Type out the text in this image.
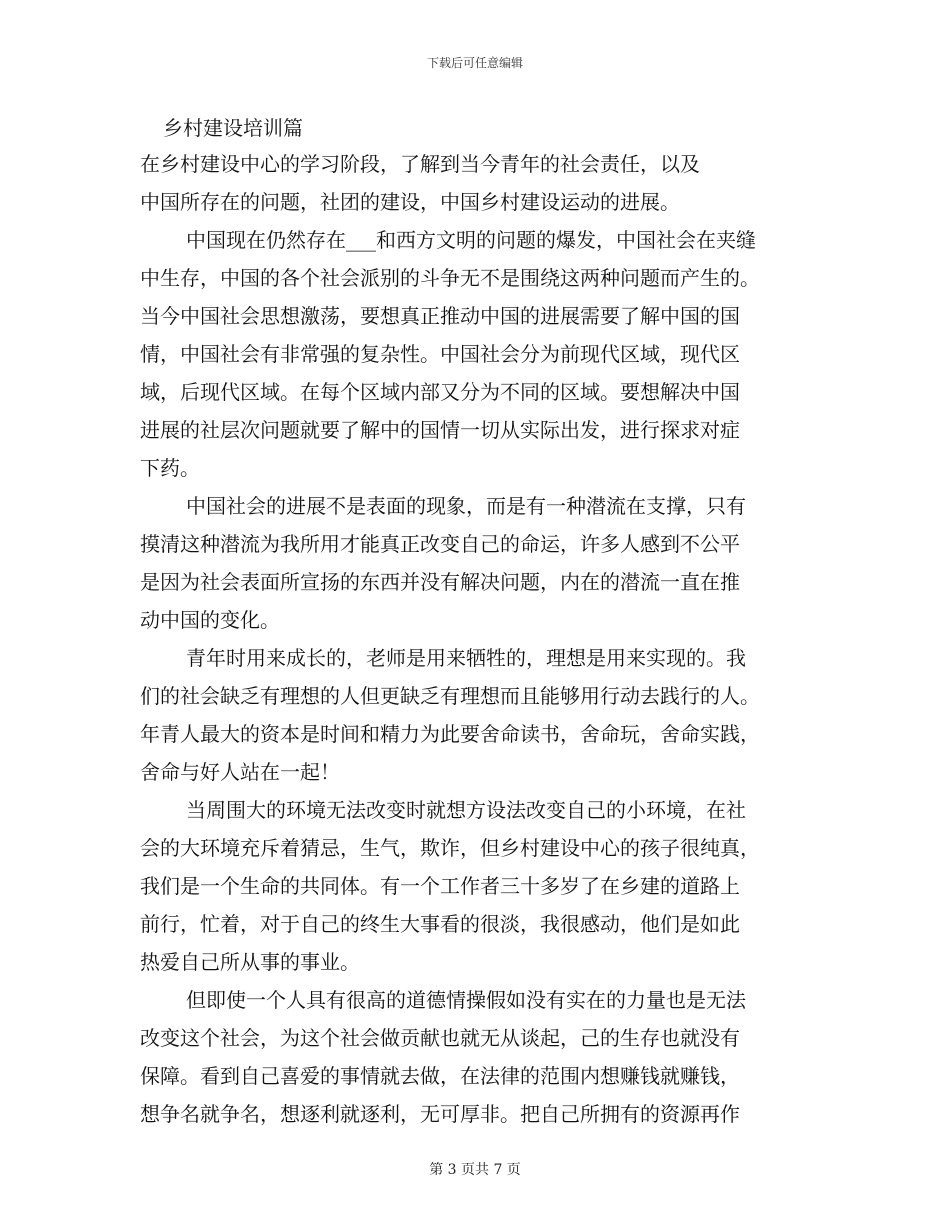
下载后可任意编辑
乡村建设培训篇
在乡村建设中心的学习阶段，了解到当今青年的社会责任，以及
中国所存在的问题，社团的建设，中国乡村建设运动的进展。
中国现在仍然存在___和西方文明的问题的爆发，中国社会在夹缝
中生存，中国的各个社会派别的斗争无不是围绕这两种问题而产生的。
当今中国社会思想激荡，要想真正推动中国的进展需要了解中国的国
情，中国社会有非常强的复杂性。中国社会分为前现代区域，现代区
域，后现代区域。在每个区域内部又分为不同的区域。要想解决中国
进展的社层次问题就要了解中的国情一切从实际出发，进行探求对症
下药。
中国社会的进展不是表面的现象，而是有一种潜流在支撑，只有
摸清这种潜流为我所用才能真正改变自己的命运，许多人感到不公平
是因为社会表面所宣扬的东西并没有解决问题，内在的潜流一直在推
动中国的变化。
青年时用来成长的，老师是用来牺牲的，理想是用来实现的。我
们的社会缺乏有理想的人但更缺乏有理想而且能够用行动去践行的人。
年青人最大的资本是时间和精力为此要舍命读书，舍命玩，舍命实践，
舍命与好人站在一起！
当周围大的环境无法改变时就想方设法改变自己的小环境，在社
会的大环境充斥着猜忌，生气，欺诈，但乡村建设中心的孩子很纯真，
我们是一个生命的共同体。有一个工作者三十多岁了在乡建的道路上
前行，忙着，对于自己的终生大事看的很淡，我很感动，他们是如此
热爱自己所从事的事业。
但即使一个人具有很高的道德情操假如没有实在的力量也是无法
改变这个社会，为这个社会做贡献也就无从谈起，己的生存也就没有
保障。看到自己喜爱的事情就去做，在法律的范围内想赚钱就赚钱，
想争名就争名，想逐利就逐利，无可厚非。把自己所拥有的资源再作
第 3 页共 7 页
